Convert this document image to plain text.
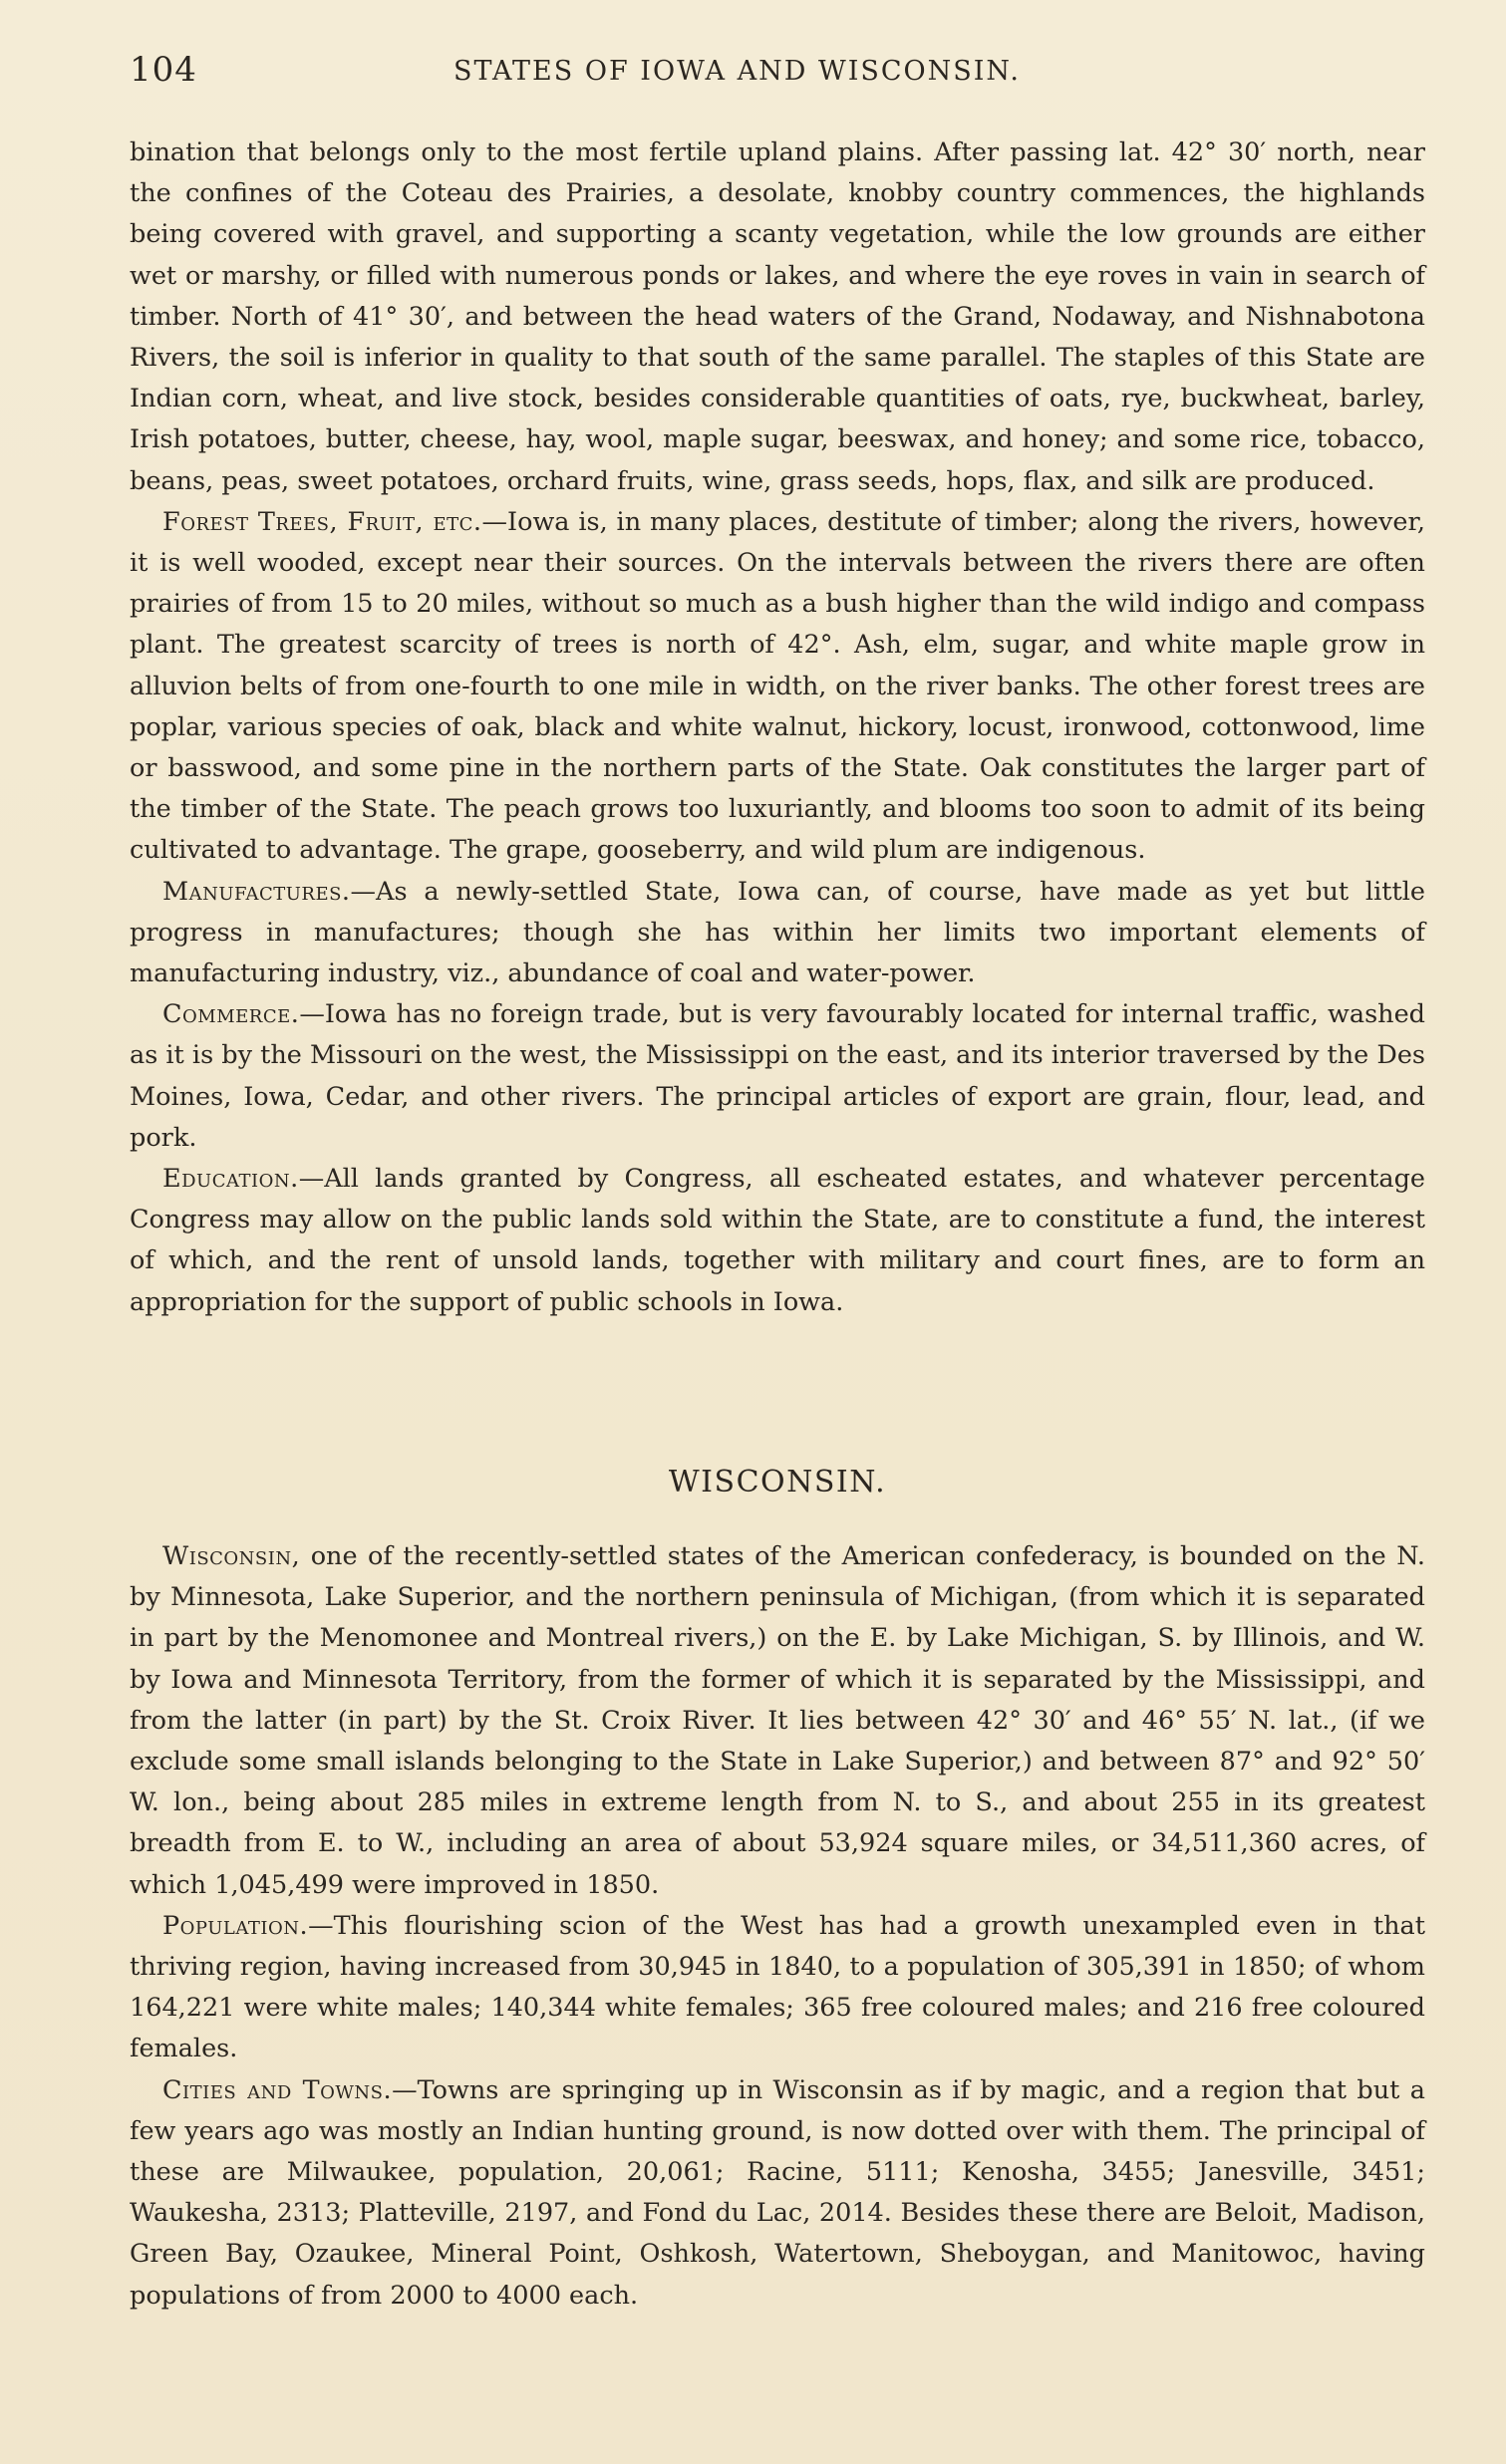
104	STATES OF IOWA AND WISCONSIN.

bination that belongs only to the most fertile upland plains. After passing lat. 42° 30′ north, near the confines of the Coteau des Prairies, a desolate, knobby country commences, the highlands being covered with gravel, and supporting a scanty vegetation, while the low grounds are either wet or marshy, or filled with numerous ponds or lakes, and where the eye roves in vain in search of timber. North of 41° 30′, and between the head waters of the Grand, Nodaway, and Nishnabotona Rivers, the soil is inferior in quality to that south of the same parallel. The staples of this State are Indian corn, wheat, and live stock, besides considerable quantities of oats, rye, buckwheat, barley, Irish potatoes, butter, cheese, hay, wool, maple sugar, beeswax, and honey; and some rice, tobacco, beans, peas, sweet potatoes, orchard fruits, wine, grass seeds, hops, flax, and silk are produced.

Forest Trees, Fruit, etc.—Iowa is, in many places, destitute of timber; along the rivers, however, it is well wooded, except near their sources. On the intervals between the rivers there are often prairies of from 15 to 20 miles, without so much as a bush higher than the wild indigo and compass plant. The greatest scarcity of trees is north of 42°. Ash, elm, sugar, and white maple grow in alluvion belts of from one-fourth to one mile in width, on the river banks. The other forest trees are poplar, various species of oak, black and white walnut, hickory, locust, ironwood, cottonwood, lime or basswood, and some pine in the northern parts of the State. Oak constitutes the larger part of the timber of the State. The peach grows too luxuriantly, and blooms too soon to admit of its being cultivated to advantage. The grape, gooseberry, and wild plum are indigenous.

Manufactures.—As a newly-settled State, Iowa can, of course, have made as yet but little progress in manufactures; though she has within her limits two important elements of manufacturing industry, viz., abundance of coal and water-power.

Commerce.—Iowa has no foreign trade, but is very favourably located for internal traffic, washed as it is by the Missouri on the west, the Mississippi on the east, and its interior traversed by the Des Moines, Iowa, Cedar, and other rivers. The principal articles of export are grain, flour, lead, and pork.

Education.—All lands granted by Congress, all escheated estates, and whatever percentage Congress may allow on the public lands sold within the State, are to constitute a fund, the interest of which, and the rent of unsold lands, together with military and court fines, are to form an appropriation for the support of public schools in Iowa.

WISCONSIN.

Wisconsin, one of the recently-settled states of the American confederacy, is bounded on the N. by Minnesota, Lake Superior, and the northern peninsula of Michigan, (from which it is separated in part by the Menomonee and Montreal rivers,) on the E. by Lake Michigan, S. by Illinois, and W. by Iowa and Minnesota Territory, from the former of which it is separated by the Mississippi, and from the latter (in part) by the St. Croix River. It lies between 42° 30′ and 46° 55′ N. lat., (if we exclude some small islands belonging to the State in Lake Superior,) and between 87° and 92° 50′ W. lon., being about 285 miles in extreme length from N. to S., and about 255 in its greatest breadth from E. to W., including an area of about 53,924 square miles, or 34,511,360 acres, of which 1,045,499 were improved in 1850.

Population.—This flourishing scion of the West has had a growth unexampled even in that thriving region, having increased from 30,945 in 1840, to a population of 305,391 in 1850; of whom 164,221 were white males; 140,344 white females; 365 free coloured males; and 216 free coloured females.

Cities and Towns.—Towns are springing up in Wisconsin as if by magic, and a region that but a few years ago was mostly an Indian hunting ground, is now dotted over with them. The principal of these are Milwaukee, population, 20,061; Racine, 5111; Kenosha, 3455; Janesville, 3451; Waukesha, 2313; Platteville, 2197, and Fond du Lac, 2014. Besides these there are Beloit, Madison, Green Bay, Ozaukee, Mineral Point, Oshkosh, Watertown, Sheboygan, and Manitowoc, having populations of from 2000 to 4000 each.
